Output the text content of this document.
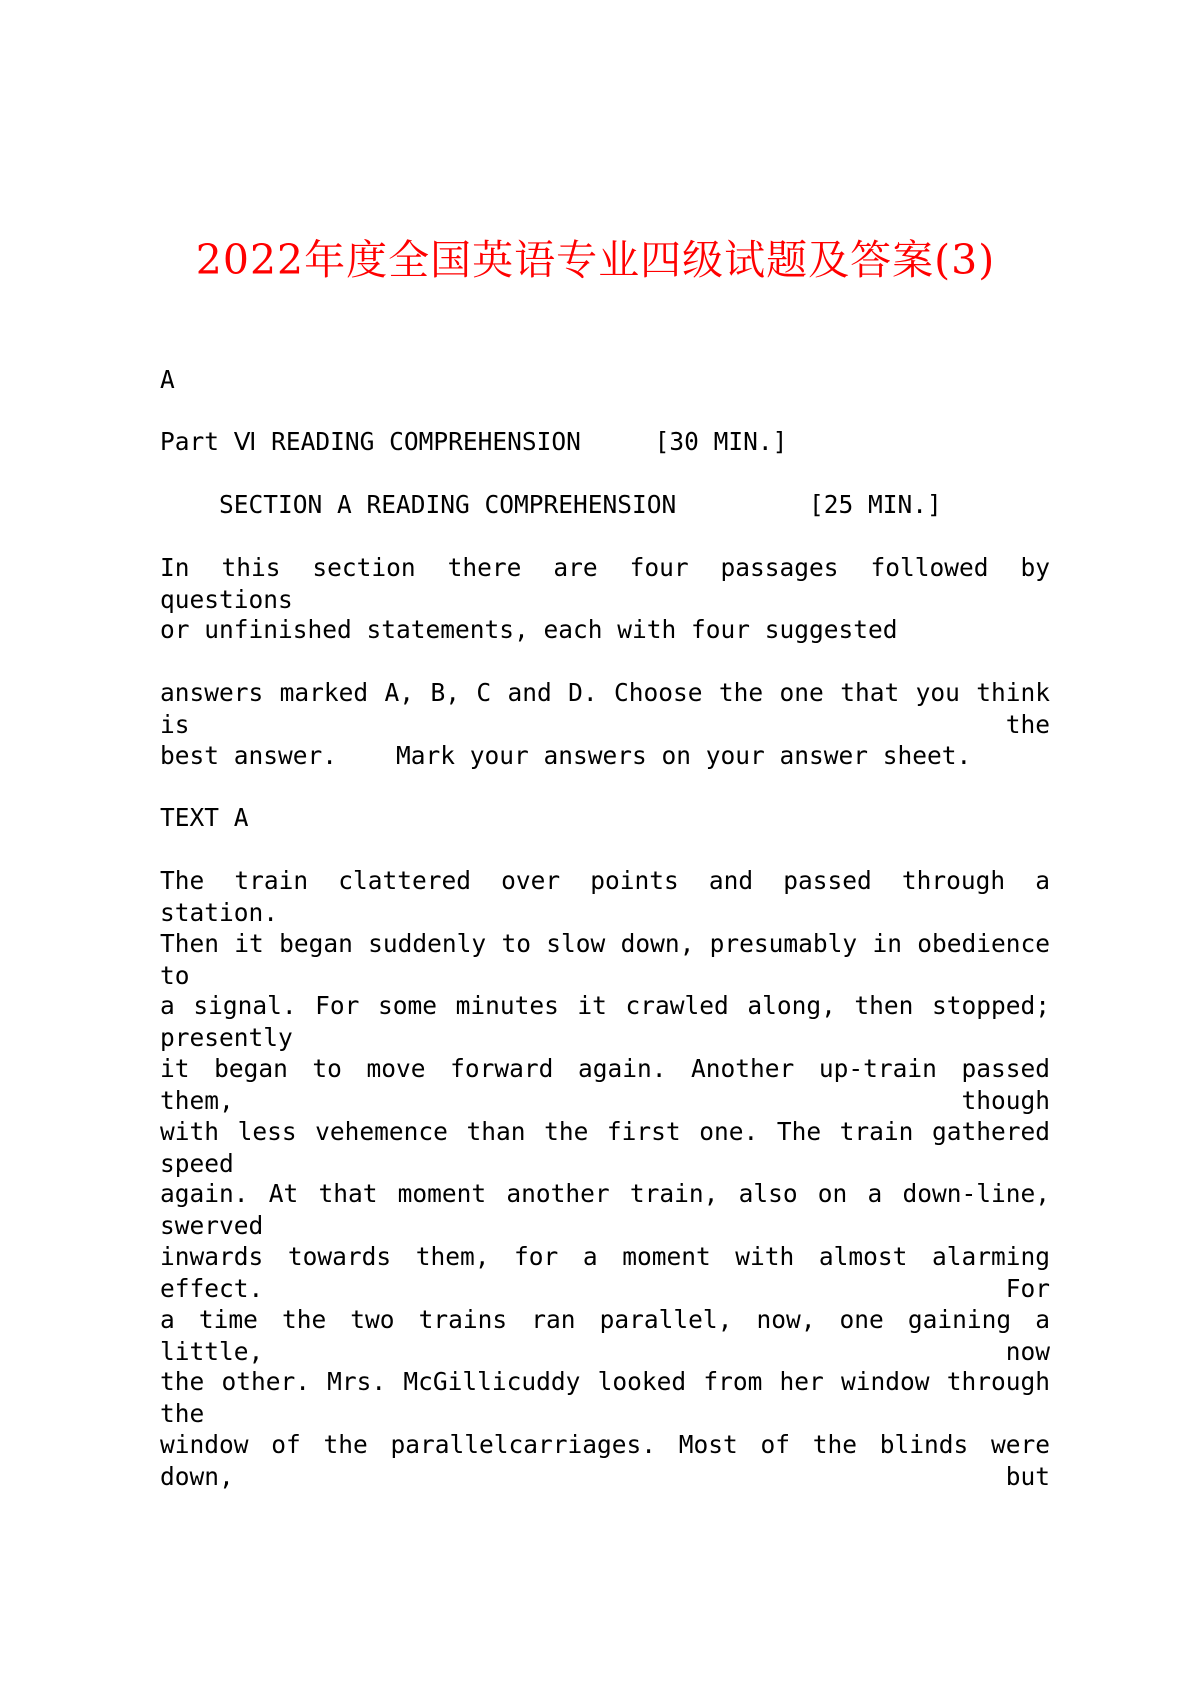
2022年度全国英语专业四级试题及答案(3)
A
Part Ⅵ READING COMPREHENSION     [30 MIN.]
SECTION A READING COMPREHENSION         [25 MIN.]
In this section there are four passages followed by questions
or unfinished statements, each with four suggested
answers marked A, B, C and D. Choose the one that you think is the
best answer.    Mark your answers on your answer sheet.
TEXT A
The train clattered over points and passed through a station.
Then it began suddenly to slow down, presumably in obedience to
a signal. For some minutes it crawled along, then stopped; presently
it began to move forward again. Another up-train passed them, though
with less vehemence than the first one. The train gathered speed
again. At that moment another train, also on a down-line, swerved
inwards towards them, for a moment with almost alarming effect. For
a time the two trains ran parallel, now, one gaining a little, now
the other. Mrs. McGillicuddy looked from her window through the
window of the parallelcarriages. Most of the blinds were down, but
